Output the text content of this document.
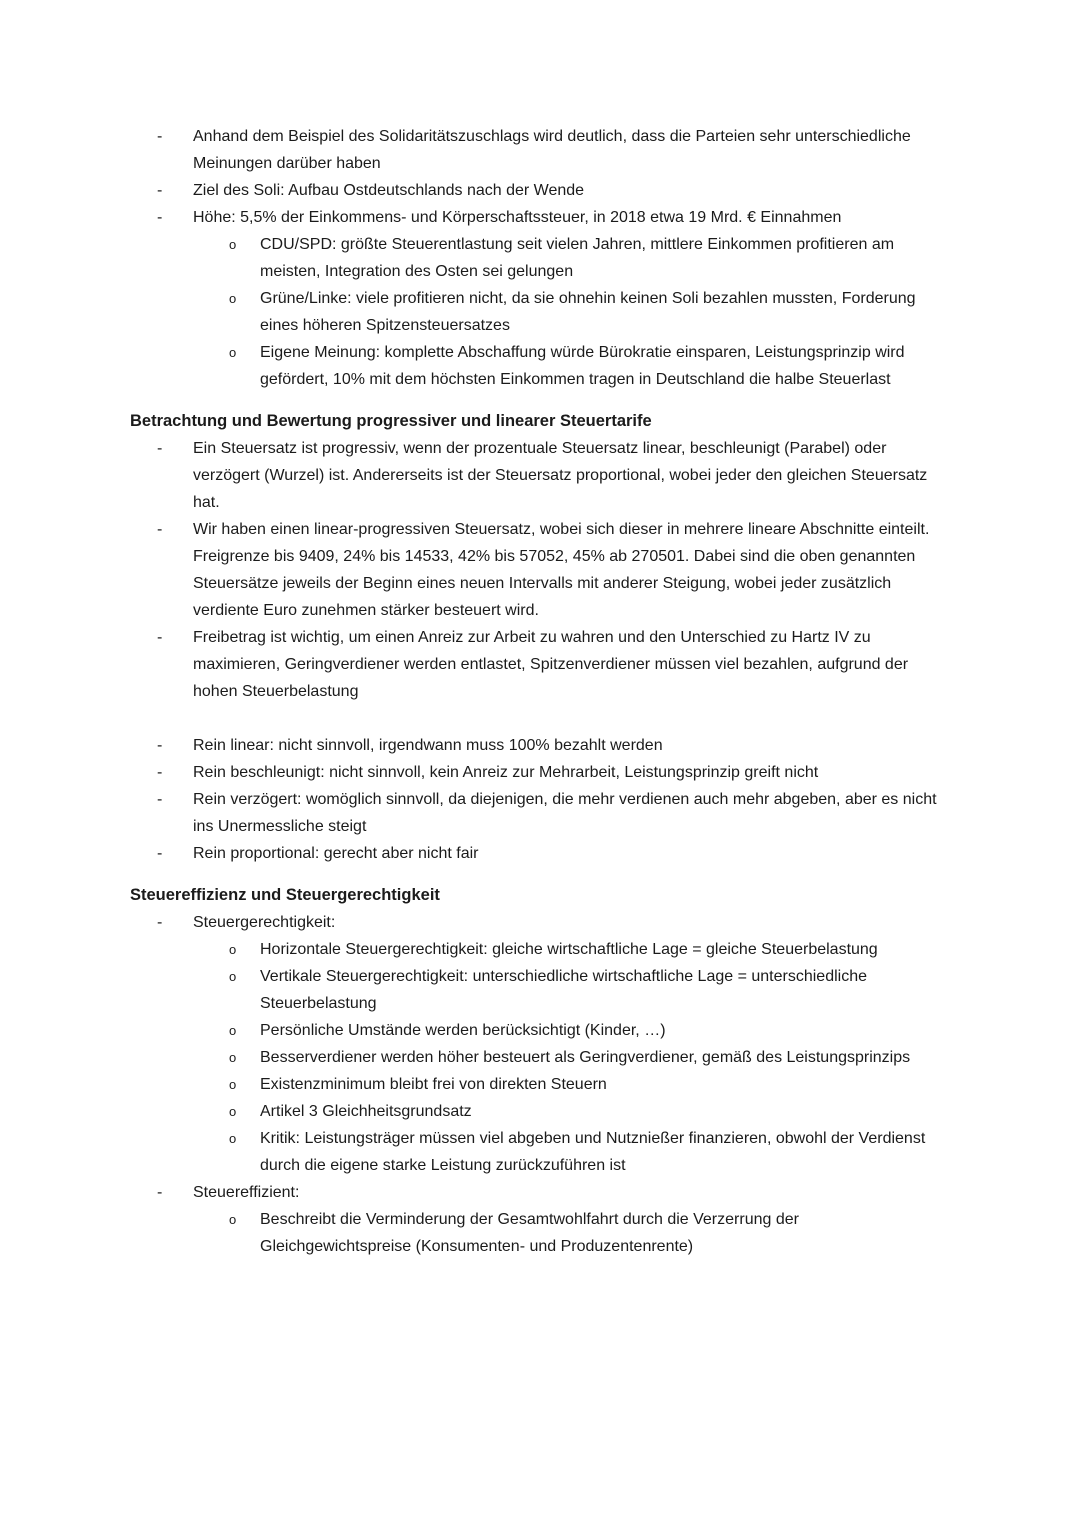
- Anhand dem Beispiel des Solidaritätszuschlags wird deutlich, dass die Parteien sehr unterschiedliche Meinungen darüber haben
- Ziel des Soli: Aufbau Ostdeutschlands nach der Wende
- Höhe: 5,5% der Einkommens- und Körperschaftssteuer, in 2018 etwa 19 Mrd. € Einnahmen
o CDU/SPD: größte Steuerentlastung seit vielen Jahren, mittlere Einkommen profitieren am meisten, Integration des Osten sei gelungen
o Grüne/Linke: viele profitieren nicht, da sie ohnehin keinen Soli bezahlen mussten, Forderung eines höheren Spitzensteuersatzes
o Eigene Meinung: komplette Abschaffung würde Bürokratie einsparen, Leistungsprinzip wird gefördert, 10% mit dem höchsten Einkommen tragen in Deutschland die halbe Steuerlast
Betrachtung und Bewertung progressiver und linearer Steuertarife
- Ein Steuersatz ist progressiv, wenn der prozentuale Steuersatz linear, beschleunigt (Parabel) oder verzögert (Wurzel) ist. Andererseits ist der Steuersatz proportional, wobei jeder den gleichen Steuersatz hat.
- Wir haben einen linear-progressiven Steuersatz, wobei sich dieser in mehrere lineare Abschnitte einteilt. Freigrenze bis 9409, 24% bis 14533, 42% bis 57052, 45% ab 270501. Dabei sind die oben genannten Steuersätze jeweils der Beginn eines neuen Intervalls mit anderer Steigung, wobei jeder zusätzlich verdiente Euro zunehmen stärker besteuert wird.
- Freibetrag ist wichtig, um einen Anreiz zur Arbeit zu wahren und den Unterschied zu Hartz IV zu maximieren, Geringverdiener werden entlastet, Spitzenverdiener müssen viel bezahlen, aufgrund der hohen Steuerbelastung
- Rein linear: nicht sinnvoll, irgendwann muss 100% bezahlt werden
- Rein beschleunigt: nicht sinnvoll, kein Anreiz zur Mehrarbeit, Leistungsprinzip greift nicht
- Rein verzögert: womöglich sinnvoll, da diejenigen, die mehr verdienen auch mehr abgeben, aber es nicht ins Unermessliche steigt
- Rein proportional: gerecht aber nicht fair
Steuereffizienz und Steuergerechtigkeit
- Steuergerechtigkeit:
o Horizontale Steuergerechtigkeit: gleiche wirtschaftliche Lage = gleiche Steuerbelastung
o Vertikale Steuergerechtigkeit: unterschiedliche wirtschaftliche Lage = unterschiedliche Steuerbelastung
o Persönliche Umstände werden berücksichtigt (Kinder, …)
o Besserverdiener werden höher besteuert als Geringverdiener, gemäß des Leistungsprinzips
o Existenzminimum bleibt frei von direkten Steuern
o Artikel 3 Gleichheitsgrundsatz
o Kritik: Leistungsträger müssen viel abgeben und Nutznießer finanzieren, obwohl der Verdienst durch die eigene starke Leistung zurückzuführen ist
- Steuereffizient:
o Beschreibt die Verminderung der Gesamtwohlfahrt durch die Verzerrung der Gleichgewichtspreise (Konsumenten- und Produzentenrente)
